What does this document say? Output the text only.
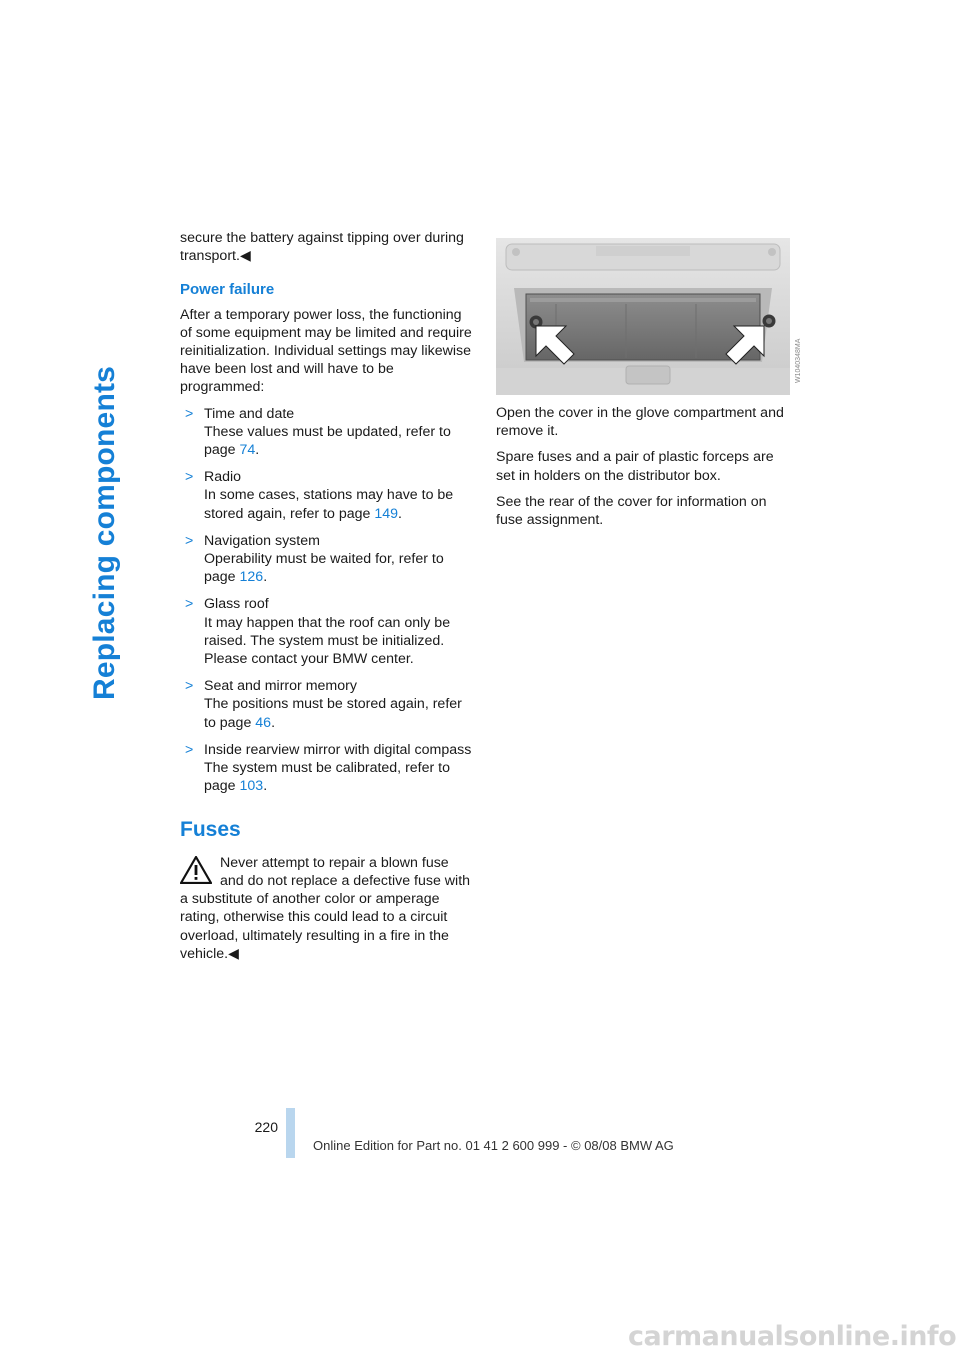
Replacing components

secure the battery against tipping over during transport.◀

Power failure

After a temporary power loss, the functioning of some equipment may be limited and require reinitialization. Individual settings may likewise have been lost and will have to be programmed:

> Time and date
These values must be updated, refer to page 74.
> Radio
In some cases, stations may have to be stored again, refer to page 149.
> Navigation system
Operability must be waited for, refer to page 126.
> Glass roof
It may happen that the roof can only be raised. The system must be initialized. Please contact your BMW center.
> Seat and mirror memory
The positions must be stored again, refer to page 46.
> Inside rearview mirror with digital compass
The system must be calibrated, refer to page 103.
Fuses

Never attempt to repair a blown fuse and do not replace a defective fuse with a substitute of another color or amperage rating, otherwise this could lead to a circuit overload, ultimately resulting in a fire in the vehicle.◀

W1040348MA

Open the cover in the glove compartment and remove it.

Spare fuses and a pair of plastic forceps are set in holders on the distributor box.

See the rear of the cover for information on fuse assignment.

220
Online Edition for Part no. 01 41 2 600 999 - © 08/08 BMW AG
carmanualsonline.info
